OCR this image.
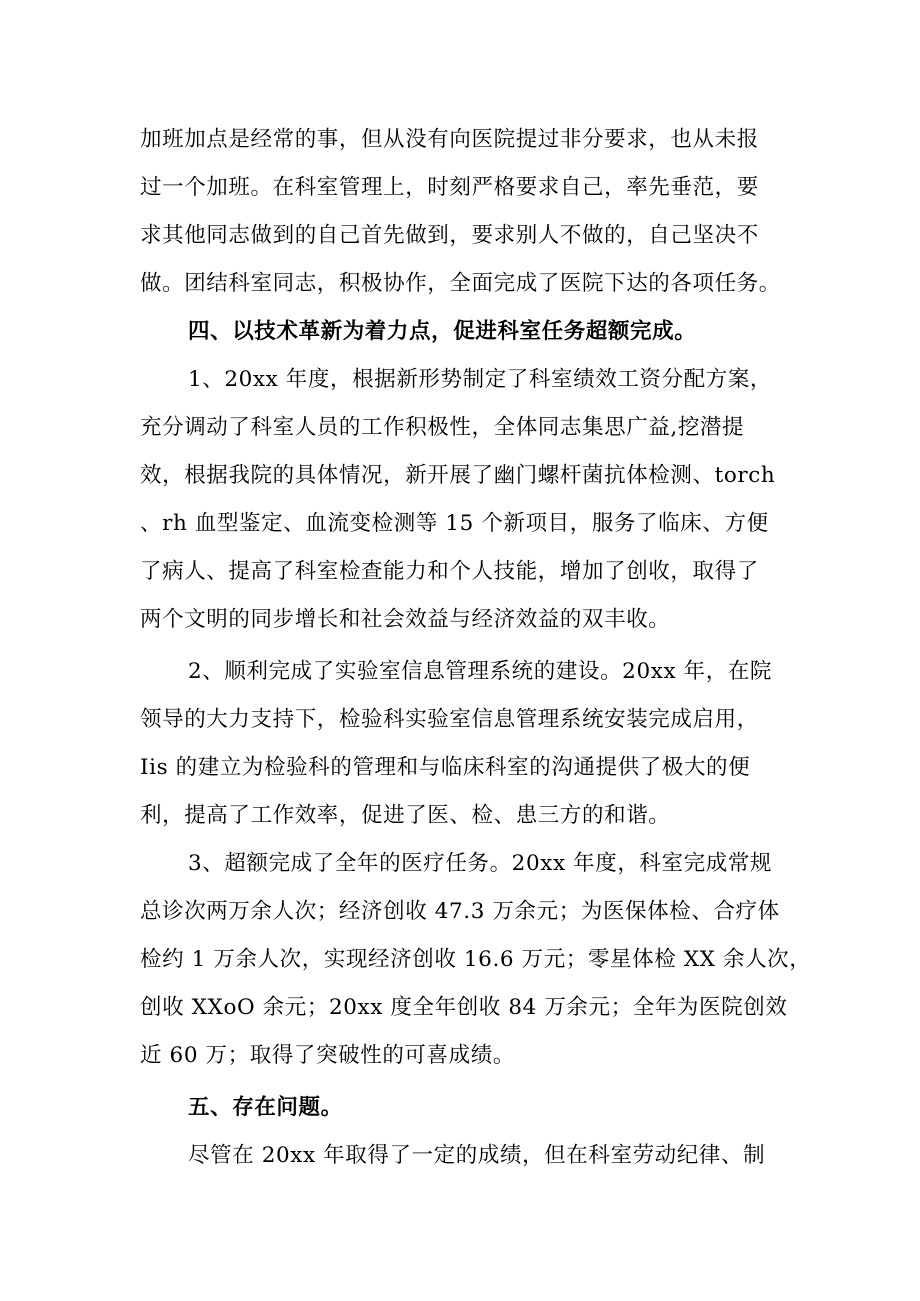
加班加点是经常的事，但从没有向医院提过非分要求，也从未报
过一个加班。在科室管理上，时刻严格要求自己，率先垂范，要
求其他同志做到的自己首先做到，要求别人不做的，自己坚决不
做。团结科室同志，积极协作，全面完成了医院下达的各项任务。
四、以技术革新为着力点，促进科室任务超额完成。
1、20xx 年度，根据新形势制定了科室绩效工资分配方案，
充分调动了科室人员的工作积极性，全体同志集思广益,挖潜提
效，根据我院的具体情况，新开展了幽门螺杆菌抗体检测、torch
、rh 血型鉴定、血流变检测等 15 个新项目，服务了临床、方便
了病人、提高了科室检查能力和个人技能，增加了创收，取得了
两个文明的同步增长和社会效益与经济效益的双丰收。
2、顺利完成了实验室信息管理系统的建设。20xx 年，在院
领导的大力支持下，检验科实验室信息管理系统安装完成启用，
Iis 的建立为检验科的管理和与临床科室的沟通提供了极大的便
利，提高了工作效率，促进了医、检、患三方的和谐。
3、超额完成了全年的医疗任务。20xx 年度，科室完成常规
总诊次两万余人次；经济创收 47.3 万余元；为医保体检、合疗体
检约 1 万余人次，实现经济创收 16.6 万元；零星体检 XX 余人次，
创收 XXoO 余元；20xx 度全年创收 84 万余元；全年为医院创效
近 60 万；取得了突破性的可喜成绩。
五、存在问题。
尽管在 20xx 年取得了一定的成绩，但在科室劳动纪律、制
